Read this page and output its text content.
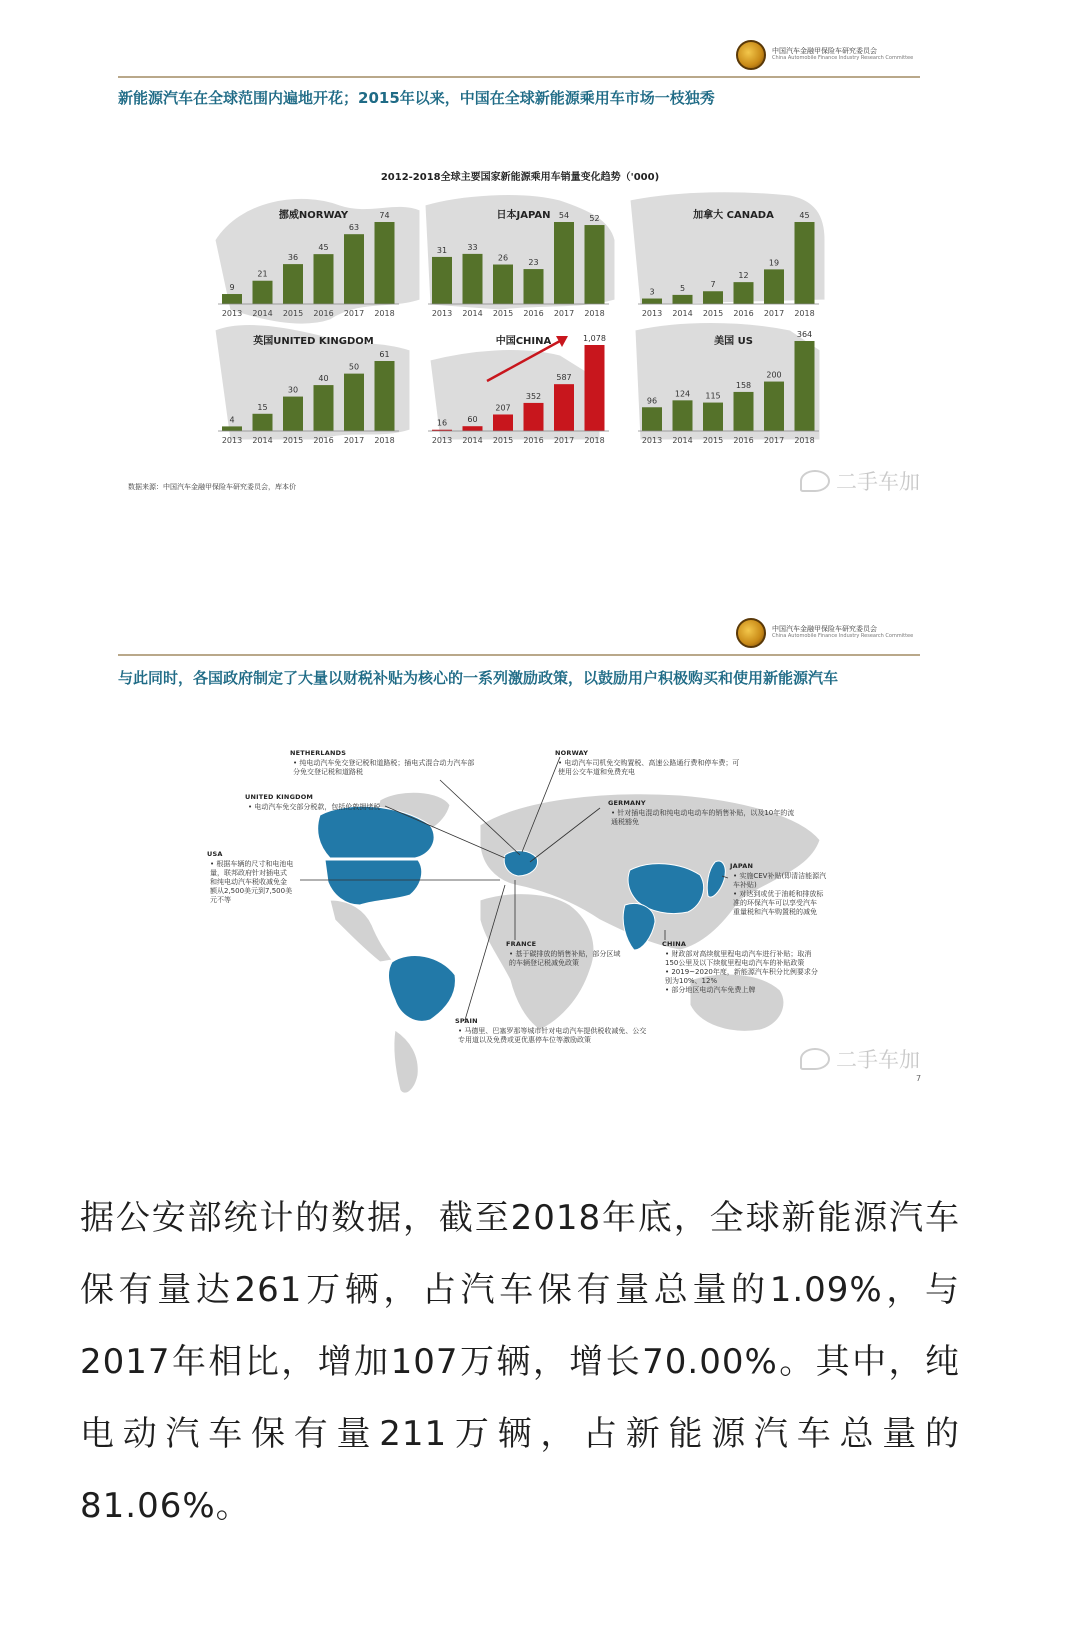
中国汽车金融甲保险车研究委员会
China Automobile Finance Industry Research Committee
新能源汽车在全球范围内遍地开花；2015年以来，中国在全球新能源乘用车市场一枝独秀
2012-2018全球主要国家新能源乘用车销量变化趋势（'000)
挪威NORWAY
9
2013
21
2014
36
2015
45
2016
63
2017
74
2018
日本JAPAN
31
2013
33
2014
26
2015
23
2016
54
2017
52
2018
加拿大 CANADA
3
2013
5
2014
7
2015
12
2016
19
2017
45
2018
英国UNITED KINGDOM
4
2013
15
2014
30
2015
40
2016
50
2017
61
2018
中国CHINA
16
2013
60
2014
207
2015
352
2016
587
2017
1,078
2018
美国 US
96
2013
124
2014
115
2015
158
2016
200
2017
364
2018
数据来源：中国汽车金融甲保险车研究委员会，库本价	二手车加
中国汽车金融甲保险车研究委员会
China Automobile Finance Industry Research Committee
与此同时，各国政府制定了大量以财税补贴为核心的一系列激励政策，以鼓励用户积极购买和使用新能源汽车
NETHERLANDS
• 纯电动汽车免交登记税和道路税；插电式混合动力汽车部
分免交登记税和道路税
NORWAY
• 电动汽车司机免交购置税、高速公路通行费和停车费；可
使用公交车道和免费充电
UNITED KINGDOM
• 电动汽车免交部分税款，包括伦敦拥堵税	GERMANY
• 针对插电混动和纯电动电动车的销售补贴，以及10年的流
通税豁免
USA
• 根据车辆的尺寸和电池电
量，联邦政府针对插电式
和纯电动汽车税收减免金
额从2,500美元到7,500美
元不等
JAPAN
• 实施CEV补贴(即清洁能源汽
车补贴)
• 对达到或优于油耗和排放标
准的环保汽车可以享受汽车
重量税和汽车购置税的减免
FRANCE
• 基于碳排放的销售补贴，部分区域
的车辆登记税减免政策
CHINA
• 财政部对高续航里程电动汽车进行补贴；取消
150公里及以下续航里程电动汽车的补贴政策
• 2019~2020年度，新能源汽车积分比例要求分
别为10%、12%
• 部分地区电动汽车免费上牌
SPAIN
• 马德里、巴塞罗那等城市针对电动汽车提供税收减免、公交
专用道以及免费或更优惠停车位等激励政策
二手车加
7
据公安部统计的数据，截至2018年底，全球新能源汽车保有量达261万辆，占汽车保有量总量的1.09%，与2017年相比，增加107万辆，增长70.00%。其中，纯电动汽车保有量211万辆，占新能源汽车总量的81.06%。
